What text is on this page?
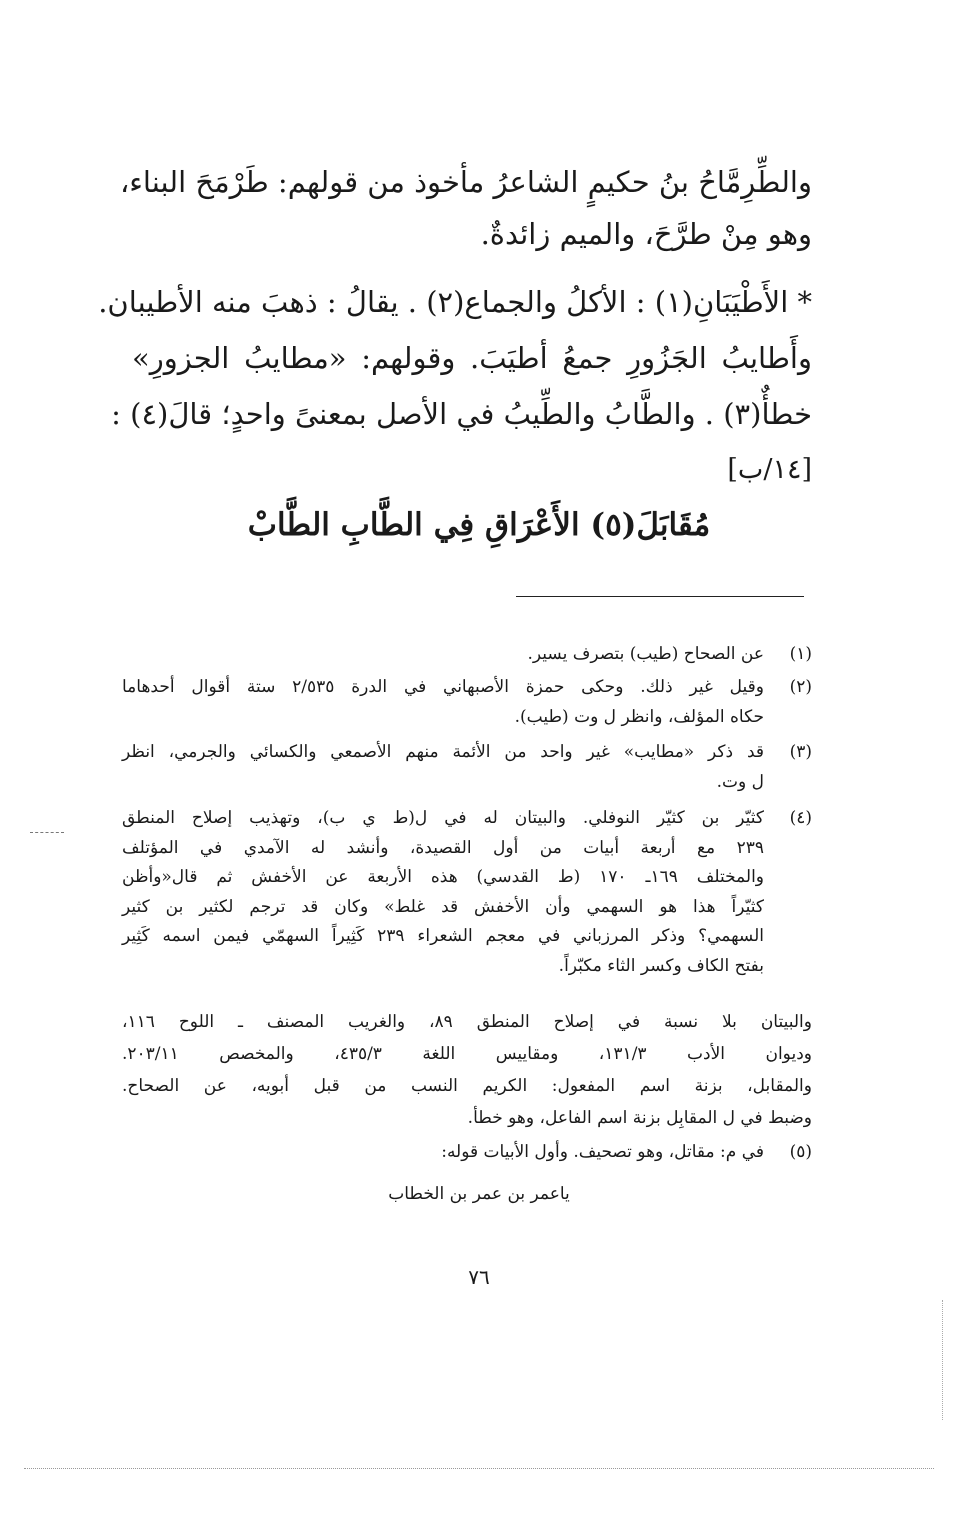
والطِّرِمَّاحُ بنُ حكيمٍ الشاعرُ مأخوذ من قولهم: طَرْمَحَ البناء،
وهو مِنْ طرَّحَ، والميم زائدةٌ.
* الأَطْيَبَانِ(١) : الأكلُ والجماع(٢) . يقالُ : ذهبَ منه الأطيبان.
وأَطايبُ الجَزُورِ جمعُ أطيَبَ. وقولهم: «مطايبُ الجزورِ»
خطأٌ(٣) . والطَّابُ والطِّيبُ في الأصل بمعنىً واحدٍ؛ قالَ(٤) :
[١٤/ب]
مُقَابَلَ(٥) الأَعْرَاقِ فِي الطَّابِ الطَّابْ
(١)
عن الصحاح (طيب) بتصرف يسير.
(٢)
وقيل غير ذلك. وحكى حمزة الأصبهاني في الدرة ٢/٥٣٥ ستة أقوال أحدهاما
حكاه المؤلف، وانظر ل وت (طيب).
(٣)
قد ذكر «مطايب» غير واحد من الأئمة منهم الأصمعي والكسائي والجرمي، انظر
ل وت.
(٤)
كثيّر بن كثيّر النوفلي. والبيتان له في ل(ط ي ب)، وتهذيب إصلاح المنطق
٢٣٩ مع أربعة أبيات من أول القصيدة، وأنشد له الآمدي في المؤتلف
والمختلف ١٦٩ـ ١٧٠ (ط القدسي) هذه الأربعة عن الأخفش ثم قال«وأظن
كثيّراً هذا هو السهمي وأن الأخفش قد غلط» وكان قد ترجم لكثير بن كثير
السهمي؟ وذكر المرزباني في معجم الشعراء ٢٣٩ كَثِيراً السهمّي فيمن اسمه كَثِير
بفتح الكاف وكسر الثاء مكبّراً.
والبيتان بلا نسبة في إصلاح المنطق ٨٩، والغريب المصنف ـ اللوح ١١٦،
وديوان الأدب ١٣١/٣، ومقاييس اللغة ٤٣٥/٣، والمخصص ٢٠٣/١١.
والمقابل، بزنة اسم المفعول: الكريم النسب من قبل أبويه، عن الصحاح.
وضبط في ل المقابِل بزنة اسم الفاعل، وهو خطأ.
(٥)
في م: مقاتل، وهو تصحيف. وأول الأبيات قوله:
ياعمر بن عمر بن الخطاب
٧٦
